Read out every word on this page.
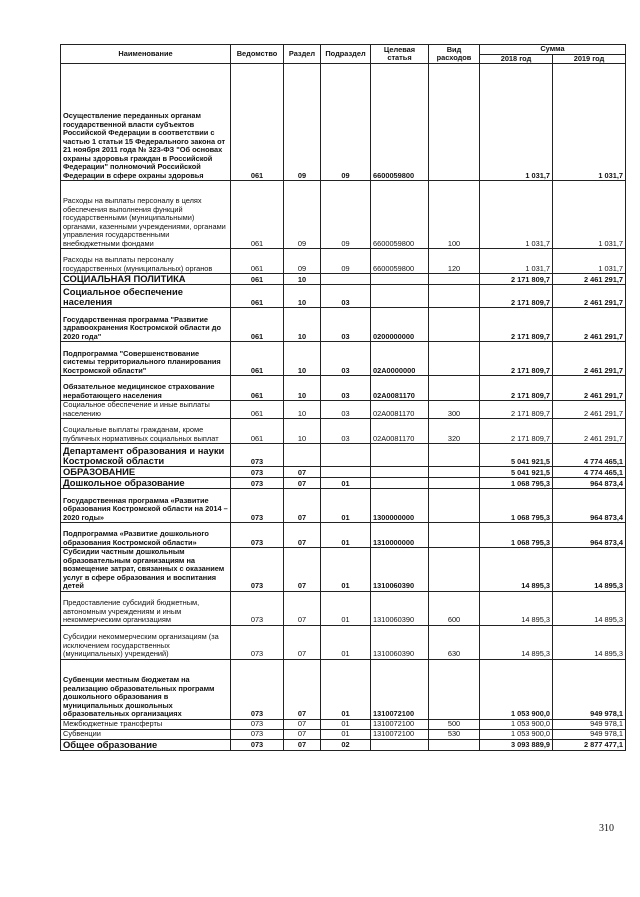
Наименование	Ведомство	Раздел	Подраздел	Целевая статья	Вид расходов	Сумма	
						2018 год	2019 год
Осуществление переданных органам государственной власти субъектов Российской Федерации в соответствии с частью 1 статьи 15 Федерального закона от 21 ноября 2011 года № 323-ФЗ "Об основах охраны здоровья граждан в Российской Федерации" полномочий Российской Федерации в сфере охраны здоровья	061	09	09	6600059800		1 031,7	1 031,7
Расходы на выплаты персоналу в целях обеспечения выполнения функций государственными (муниципальными) органами, казенными учреждениями, органами управления государственными внебюджетными фондами	061	09	09	6600059800	100	1 031,7	1 031,7
Расходы на выплаты персоналу государственных (муниципальных) органов	061	09	09	6600059800	120	1 031,7	1 031,7
СОЦИАЛЬНАЯ ПОЛИТИКА	061	10				2 171 809,7	2 461 291,7
Социальное обеспечение населения	061	10	03			2 171 809,7	2 461 291,7
Государственная программа "Развитие здравоохранения Костромской области до 2020 года"	061	10	03	0200000000		2 171 809,7	2 461 291,7
Подпрограмма "Совершенствование системы территориального планирования Костромской области"	061	10	03	02А0000000		2 171 809,7	2 461 291,7
Обязательное медицинское страхование неработающего населения	061	10	03	02А0081170		2 171 809,7	2 461 291,7
Социальное обеспечение и иные выплаты населению	061	10	03	02А0081170	300	2 171 809,7	2 461 291,7
Социальные выплаты гражданам, кроме публичных нормативных социальных выплат	061	10	03	02А0081170	320	2 171 809,7	2 461 291,7
Департамент образования и науки Костромской области	073					5 041 921,5	4 774 465,1
ОБРАЗОВАНИЕ	073	07				5 041 921,5	4 774 465,1
Дошкольное образование	073	07	01			1 068 795,3	964 873,4
Государственная программа «Развитие образования Костромской области на 2014 – 2020 годы»	073	07	01	1300000000		1 068 795,3	964 873,4
Подпрограмма «Развитие дошкольного образования Костромской области»	073	07	01	1310000000		1 068 795,3	964 873,4
Субсидии частным дошкольным образовательным организациям на возмещение затрат, связанных с оказанием услуг в сфере образования и воспитания детей	073	07	01	1310060390		14 895,3	14 895,3
Предоставление субсидий бюджетным, автономным учреждениям и иным некоммерческим организациям	073	07	01	1310060390	600	14 895,3	14 895,3
Субсидии некоммерческим организациям (за исключением государственных (муниципальных) учреждений)	073	07	01	1310060390	630	14 895,3	14 895,3
Субвенции местным бюджетам на реализацию образовательных программ дошкольного образования в муниципальных дошкольных образовательных организациях	073	07	01	1310072100		1 053 900,0	949 978,1
Межбюджетные трансферты	073	07	01	1310072100	500	1 053 900,0	949 978,1
Субвенции	073	07	01	1310072100	530	1 053 900,0	949 978,1
Общее образование	073	07	02			3 093 889,9	2 877 477,1
310
